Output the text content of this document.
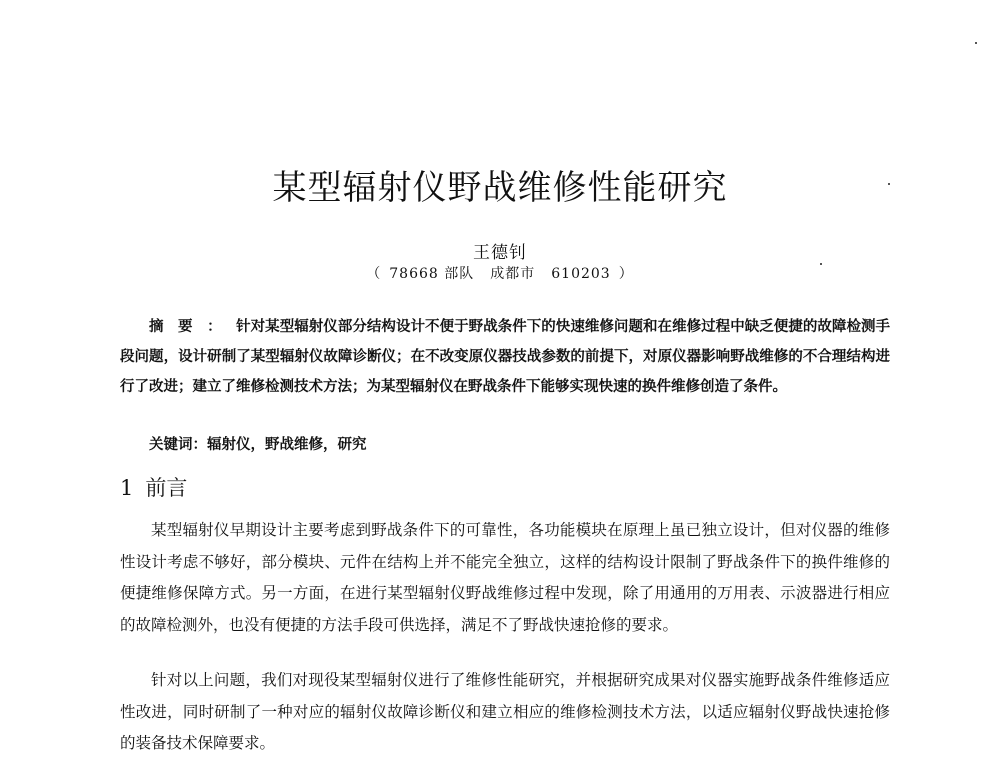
某型辐射仪野战维修性能研究
王德钊
（ 78668 部队 成都市 610203 ）

摘要：针对某型辐射仪部分结构设计不便于野战条件下的快速维修问题和在维修过程中缺乏便捷的故障检测手段问题，设计研制了某型辐射仪故障诊断仪；在不改变原仪器技战参数的前提下，对原仪器影响野战维修的不合理结构进行了改进；建立了维修检测技术方法；为某型辐射仪在野战条件下能够实现快速的换件维修创造了条件。

关键词：辐射仪，野战维修，研究

1 前言

某型辐射仪早期设计主要考虑到野战条件下的可靠性，各功能模块在原理上虽已独立设计，但对仪器的维修性设计考虑不够好，部分模块、元件在结构上并不能完全独立，这样的结构设计限制了野战条件下的换件维修的便捷维修保障方式。另一方面，在进行某型辐射仪野战维修过程中发现，除了用通用的万用表、示波器进行相应的故障检测外，也没有便捷的方法手段可供选择，满足不了野战快速抢修的要求。

针对以上问题，我们对现役某型辐射仪进行了维修性能研究，并根据研究成果对仪器实施野战条件维修适应性改进，同时研制了一种对应的辐射仪故障诊断仪和建立相应的维修检测技术方法，以适应辐射仪野战快速抢修的装备技术保障要求。
